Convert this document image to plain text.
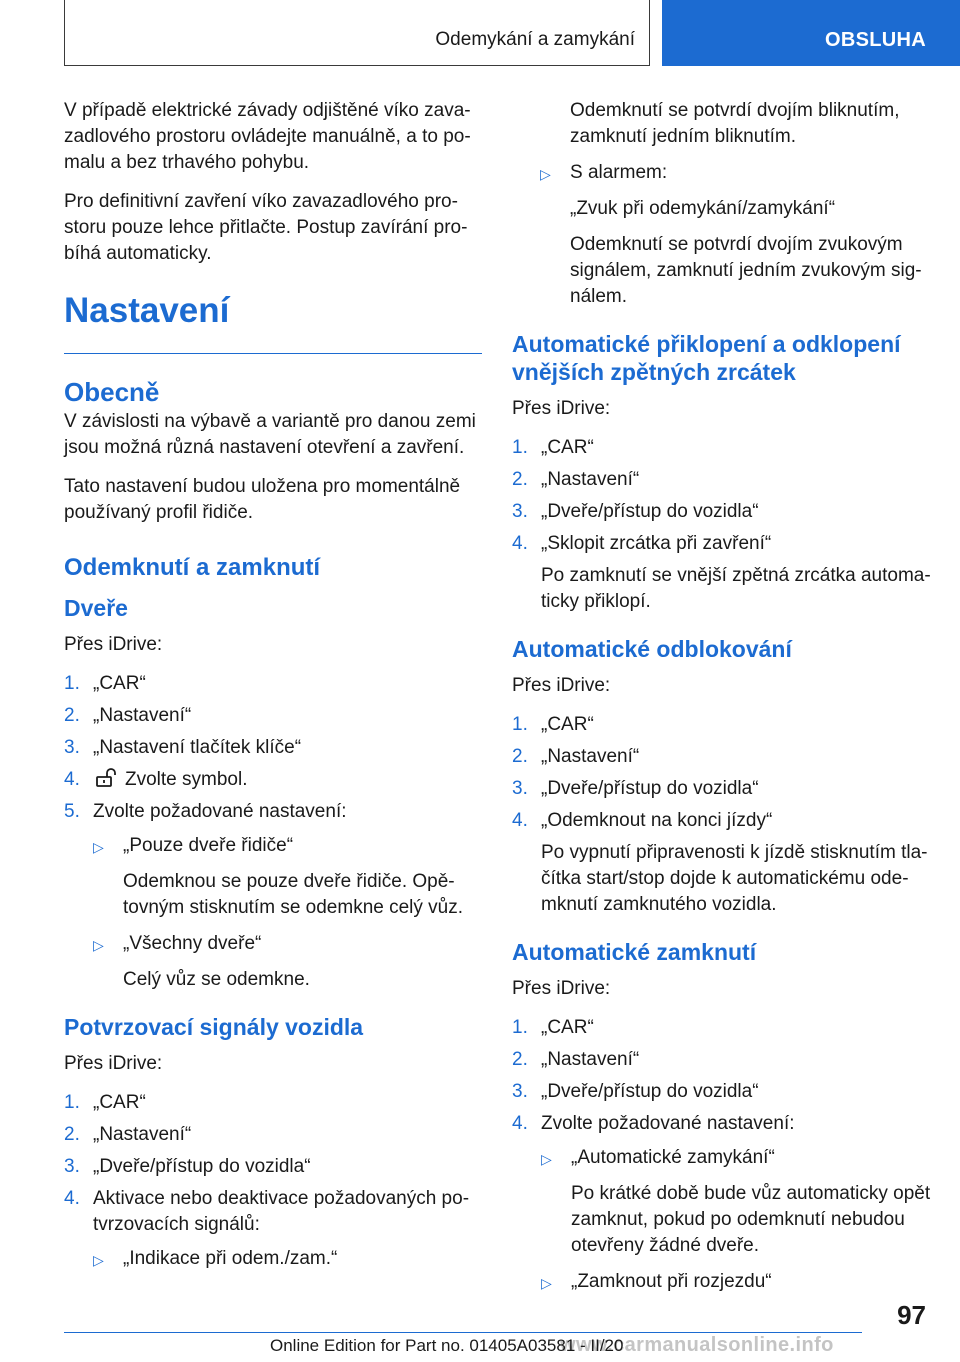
Odemykání a zamykání	OBSLUHA

V případě elektrické závady odjištěné víko zavazadlového prostoru ovládejte manuálně, a to pomalu a bez trhavého pohybu.

Pro definitivní zavření víko zavazadlového prostoru pouze lehce přitlačte. Postup zavírání probíhá automaticky.

Nastavení
Obecně

V závislosti na výbavě a variantě pro danou zemi jsou možná různá nastavení otevření a zavření.

Tato nastavení budou uložena pro momentálně používaný profil řidiče.

Odemknutí a zamknutí
Dveře

Přes iDrive:

1. „CAR“
2. „Nastavení“
3. „Nastavení tlačítek klíče“
4. Zvolte symbol.
5. Zvolte požadované nastavení:
▷ „Pouze dveře řidiče“
Odemknou se pouze dveře řidiče. Opětovným stisknutím se odemkne celý vůz.
▷ „Všechny dveře“
Celý vůz se odemkne.
Potvrzovací signály vozidla

Přes iDrive:

1. „CAR“
2. „Nastavení“
3. „Dveře/přístup do vozidla“
4. Aktivace nebo deaktivace požadovaných potvrzovacích signálů:
▷ „Indikace při odem./zam.“
Odemknutí se potvrdí dvojím bliknutím, zamknutí jedním bliknutím.
▷ S alarmem:
„Zvuk při odemykání/zamykání“
Odemknutí se potvrdí dvojím zvukovým signálem, zamknutí jedním zvukovým signálem.
Automatické přiklopení a odklopení vnějších zpětných zrcátek

Přes iDrive:

1. „CAR“
2. „Nastavení“
3. „Dveře/přístup do vozidla“
4. „Sklopit zrcátka při zavření“
Po zamknutí se vnější zpětná zrcátka automaticky přiklopí.
Automatické odblokování

Přes iDrive:

1. „CAR“
2. „Nastavení“
3. „Dveře/přístup do vozidla“
4. „Odemknout na konci jízdy“
Po vypnutí připravenosti k jízdě stisknutím tlačítka start/stop dojde k automatickému odemknutí zamknutého vozidla.
Automatické zamknutí

Přes iDrive:

1. „CAR“
2. „Nastavení“
3. „Dveře/přístup do vozidla“
4. Zvolte požadované nastavení:
▷ „Automatické zamykání“
Po krátké době bude vůz automaticky opět zamknut, pokud po odemknutí nebudou otevřeny žádné dveře.
▷ „Zamknout při rozjezdu“
97
www.carmanualsonline.info
Online Edition for Part no. 01405A03581 - II/20
